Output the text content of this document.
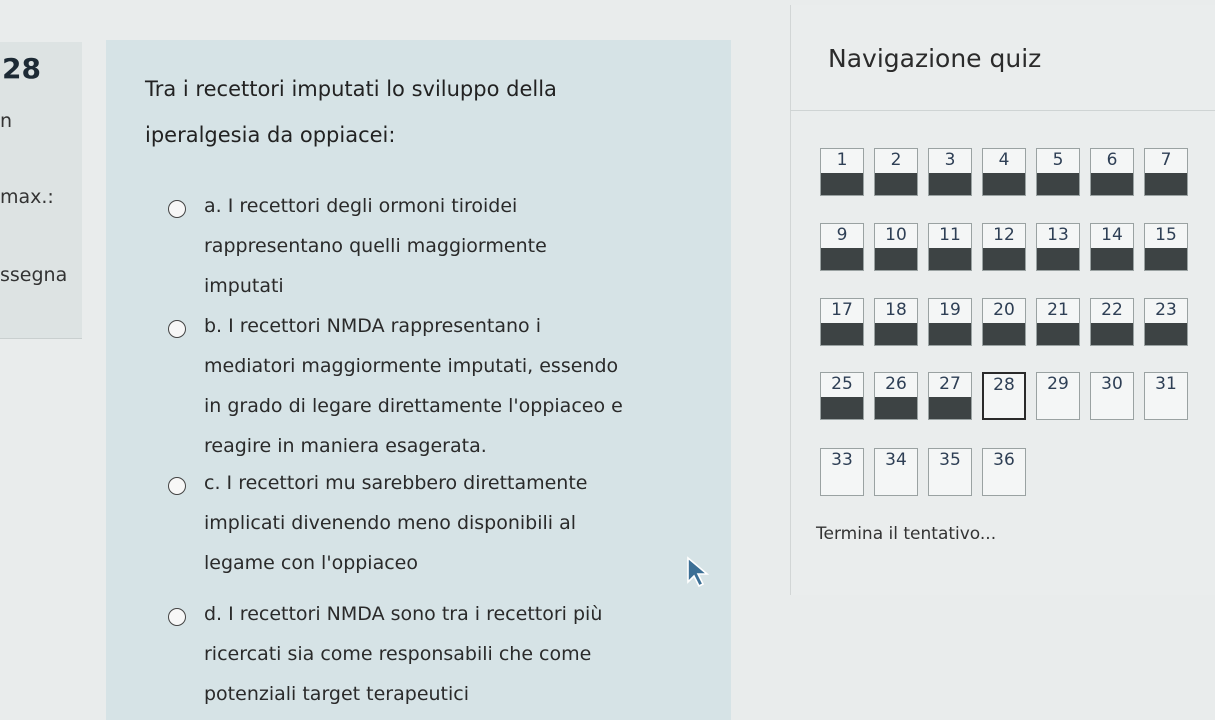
28
n
max.:
ssegna
Tra i recettori imputati lo sviluppo della iperalgesia da oppiacei:
a. I recettori degli ormoni tiroidei rappresentano quelli maggiormente imputati
b. I recettori NMDA rappresentano i mediatori maggiormente imputati, essendo in grado di legare direttamente l'oppiaceo e reagire in maniera esagerata.
c. I recettori mu sarebbero direttamente implicati divenendo meno disponibili al legame con l'oppiaceo
d. I recettori NMDA sono tra i recettori più ricercati sia come responsabili che come potenziali target terapeutici
Navigazione quiz
1	2	3	4	5	6	7
9	10	11	12	13	14	15
17	18	19	20	21	22	23
25	26	27	28	29	30	31
33	34	35	36
Termina il tentativo...
